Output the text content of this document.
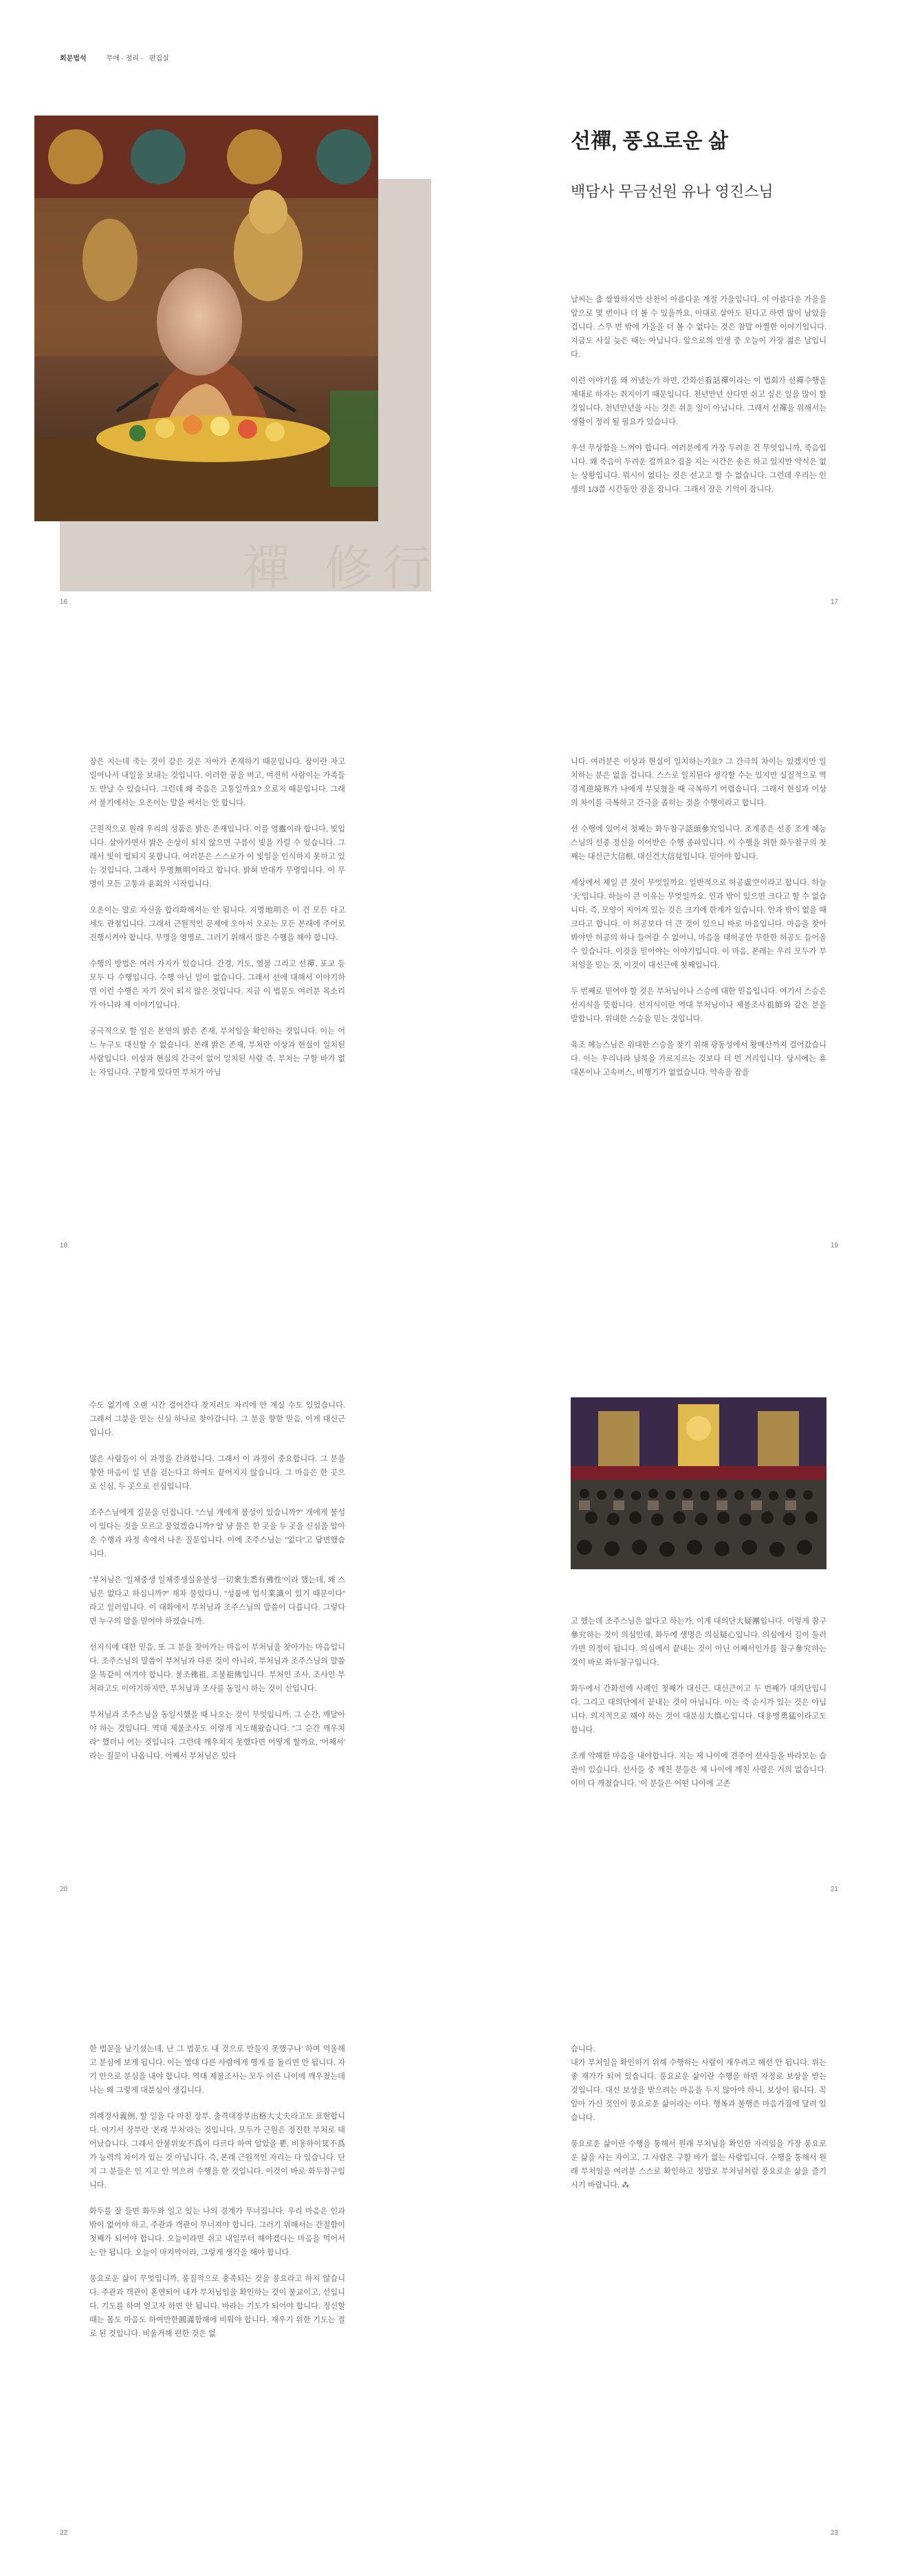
회문법석	무애 · 정리 · 편집실
禪 修行
16
선禪, 풍요로운 삶
백담사 무금선원 유나 영진스님

날씨는 춥 쌀쌀하지만 산천이 아름다운 계절 가을입니다. 이 아름다운 가을을 앞으로 몇 번이나 더 볼 수 있을까요, 이대로 살아도 된다고 하면 많이 남았을 겁니다. 스무 번 밖에 가을을 더 볼 수 없다는 것은 참말 아찔한 이야기입니다. 지금도 사실 늦은 때는 아닙니다. 앞으로의 인생 중 오늘이 가장 젊은 날입니다.

이런 이야기를 왜 꺼냈는가 하면, 간화선看話禪이라는 이 법회가 선禪수행을 제대로 하자는 취지이기 때문입니다. 천년만년 산다면 쉬고 싶은 일을 많이 할 것입니다. 천년만년을 사는 것은 쉬운 일이 아닙니다. 그래서 선禪을 위해서는 생활이 정리 될 필요가 있습니다.

우선 무상함을 느껴야 합니다. 여러분에게 가장 두려운 건 무엇입니까, 죽음입니다. 왜 죽음이 두려운 걸까요? 집을 지는 시간은 송은 하고 있지만 약식은 없는 상황입니다. 뭐시이 없다는 것은 선고고 할 수 없습니다. 그런데 우리는 인생의 1/3쯤 시간동안 잠을 잡니다. 그래서 잠은 기억이 잠니다.

17

잠은 지는데 죽는 것이 같은 것은 자아가 존재하기 때문입니다. 잠이란 자고 일어나서 내일을 보내는 것입니다. 이러한 꿈을 버고, 여전히 사람이는 가족들도 만날 수 있습니다. 그런데 왜 죽음은 고통일까요? 오로지 때문입니다. 그래서 불기에서는 오온이는 말을 써서는 안 합니다.

근원적으로 원래 우리의 성품은 밝은 존재입니다. 이를 영靈이라 합니다, 빛입니다. 살아가면서 밝은 손상이 되지 않으면 구름이 빛을 가릴 수 있습니다. 그래서 빛이 떨되지 못합니다. 여러분은 스스로가 이 빛임을 인식하지 못하고 있는 것입니다. 그래서 무명無明이라고 합니다. 밝혀 반대가 무명입니다. 이 무명이 모든 고통과 윤회의 시작입니다.

오온이는 말로 자신을 합리화해서는 안 됩니다. 지명地明은 이 건 모든 다고 세도 관점입니다. 그래서 근원적인 문제에 오아서 오로는 모든 본래에 주어로 진행시켜야 합니다. 무명을 영명로, 그러기 위해서 많은 수행을 해야 합니다.

수행의 방법은 여러 가지가 있습니다. 간경, 기도, 염불 그리고 선禪, 포교 등 모두 다 수행입니다. 수행 아닌 일이 없습니다. 그래서 선에 대해서 이야기하면 이런 수행은 자기 것이 되지 않은 것입니다. 지금 이 법문도 여러분 목소리가 아니라 제 이야기입니다.

궁극적으로 할 일은 본연의 밝은 존재, 부처임을 확인하는 것입니다. 이는 어느 누구도 대신할 수 없습니다. 본래 밝은 존재, 부처란 이상과 현실이 일치된 사람입니다. 이상과 현실의 간극이 없어 일치된 사람 즉, 부처는 구할 바가 없는 자입니다. 구할게 있다면 부처가 아닙

18

니다. 여러분은 이상과 현실이 일치하는가요? 그 간극의 차이는 있겠지만 일치하는 분은 없을 겁니다. 스스로 일치된다 생각할 수는 있지만 실질적으로 역경계逆境界가 나에게 부딪혔을 때 극복하기 어렵습니다. 그래서 현실과 이상의 차이를 극복하고 간극을 좁히는 것을 수행이라고 합니다.

선 수행에 있어서 첫째는 화두참구話頭參究입니다. 조계종은 선종 조계 혜능스님의 선종 정신을 이어받은 수행 종파입니다. 이 수행을 위한 화두참구의 첫째는 대신근大信根, 대신견大信見입니다. 믿어야 합니다.

세상에서 제일 큰 것이 무엇일까요. 일반적으로 허공虛空이라고 합니다. 하늘 '天'입니다. 하늘이 큰 이유는 무엇일까요. 인과 밖이 있으면 크다고 할 수 없습니다. 즉, 모양이 지어져 있는 것은 크기에 한계가 있습니다. 안과 밖이 없을 때 크다고 합니다. 이 허공보다 더 큰 것이 있으니 바로 마음입니다. 마음을 찾아봐야만 허공의 하나 들어갈 수 없어니, 마음을 태허공만 무한한 허공도 들어올 수 있습니다. 이것을 믿어야는 이야기입니다. 이 마음, 본래는 우리 모두가 부처임을 믿는 것, 이것이 대신근에 첫째입니다.

두 번째로 믿어야 할 것은 부처님이나 스승에 대한 믿음입니다. 여기서 스승은 선지식을 뜻합니다. 선지식이란 역대 부처님이나 제불조사祖師와 같은 분을 말합니다. 위대한 스승을 믿는 것입니다.

육조 혜능스님은 위대한 스승을 찾기 위해 광동성에서 황매산까지 걸어갔습니다. 이는 우리나라 남북을 가로지르는 것보다 더 먼 거리입니다. 당시에는 휴대폰이나 고속버스, 비행기가 없었습니다. 약속을 잡을

19

수도 없기에 오랜 시간 걸어간다 찾지러도 자리에 안 계실 수도 있었습니다. 그래서 그분을 믿는 신심 하나로 찾아갑니다. 그 분을 향한 믿음, 이게 대신근입니다.

많은 사람들이 이 과정을 간과합니다. 그래서 이 과정이 중요합니다. 그 분을 향한 마음이 일 년을 걷는다고 하여도 끝어지지 않습니다. 그 마음은 한 곳으로 신심, 두 곳으로 신심입니다.

조주스님에게 질문을 던집니다. "스님 개에게 불성이 있습니까?" 개에게 불성이 있다는 것을 모르고 물었겠습니까? 알 냥 물은 한 곳을 두 곳을 신심을 알아 온 수행과 과정 속에서 나온 질문입니다. 이에 조주스님는 "없다"고 답변했습니다.

"부처님은 '일체중생 일체중생실유불성一切衆生悉有佛性'이라 했는데, 왜 스님은 없다고 하십니까?" 재차 물었다니, "성품에 업식業識이 있기 때문이다" 라고 일러입니다. 이 대화에서 부처님과 조주스님의 말씀이 다릅니다. 그렇다면 누구의 말을 믿어야 하겠습니까.

선지식에 대한 믿음, 또 그 분을 찾아가는 마음이 부처님을 찾아가는 마음입니다. 조주스님의 말씀이 부처님과 다른 것이 아니라, 부처님과 조주스님의 말씀을 똑같이 여겨야 합니다. 불조佛祖, 조불祖佛입니다. 부처인 조사, 조사인 부처라고도 이야기하지만, 부처님과 조사를 동일시 하는 것이 신입니다.

부처님과 조주스님을 동일시했을 때 나오는 것이 무엇입니까, 그 순간, 깨달아야 하는 것입니다. 역대 제불조사도 이렇게 지도해왔습니다. "그 순간 깨우치라" 했더니 어는 것입니다. 그런데 깨우치지 못했다면 어떻게 할까요, '어째서' 라는 질문이 나옵니다. 어째서 부처님은 있다

20

고 했는데 조주스님은 없다고 하는가, 이게 대의단大疑團입니다. 이렇게 참구參究하는 것이 의심인데, 화두에 생명은 의심疑心입니다. 의심에서 길이 둘러가면 의정이 됩니다. 의심에서 끝내는 것이 아닌 어째서인가를 참구參究하는 것이 바로 화두참구입니다.

화두에서 간화선에 사례인 첫째가 대신근, 대신근이고 두 번째가 대의단입니다. 그리고 대의단에서 끝내는 것이 아닙니다. 이는 죽 순시가 있는 것은 아닙니다. 의지적으로 해야 하는 것이 대분심大憤心입니다. 대용맹勇猛이라고도 합니다.

조계 약해한 마음을 내야합니다. 지는 제 나이에 견주어 선사들을 바라보는 습관이 있습니다. 선사들 중 깨친 분들은 제 나이에 깨친 사람은 거의 없습니다. 이미 다 깨쳤습니다. '이 분들은 어떤 나이에 고존

21

한 법문을 남기셨는데, 난 그 법문도 내 것으로 만들지 못했구나' 하며 억울해고 분심에 보게 됩니다. 이는 열대 다른 사람에게 행게 를 돌리면 안 됩니다. 자기 안으로 분심을 내야 합니다. 역대 제불조사는 모두 이른 나이에 깨우쳤는데 나는 왜 그렇게 대분심이 생깁니다.

의례정사義例, 할 일을 다 마친 장부, 출격대장부出格大丈夫라고도 표현합니다. 여기서 장부란 '본래 부처'라는 것입니다. 모두가 근원은 정진한 부처로 태어났습니다. 그래서 안불위安不爲이 다르다 하여 알았을 뿐, 비용하이冥不爲가 능력의 차이가 있는 것 아닙니다. 즉, 본래 근원적인 자리는 다 있습니다. 단지 그 분들은 인 지고 안 먹으려 수행을 한 것입니다. 이것이 바로 화두참구입니다.

화두를 잘 들면 화두와 일고 있는 나의 경계가 무너집니다. 우리 마음은 인과 밖이 없어야 하고, 주관과 객관이 무너져야 합니다. 그러기 위해서는 간절함이 첫째가 되어야 합니다. 오늘이라면 쉬고 내일부터 해야겠다는 마음을 먹어서는 안 됩니다. 오늘이 마지막이라, 그렇게 생각을 해야 합니다.

풍요로운 삶이 무엇입니까, 풍질적으로 충족되는 것을 풍요라고 하지 않습니다. 주관과 객관이 혼연되어 내가 부처님임을 확인하는 것이 불교이고, 선입니다. 기도를 하며 얻고자 하면 안 됩니다. 바라는 기도가 되어야 합니다. 정신할 때는 몸도 마음도 하여만한圓滿함해에 비워야 합니다. 재우기 위한 기도는 절로 된 것입니다. 비울거해 편한 것은 없

22

습니다.

내가 부처임을 확인하기 위해 수행하는 사람이 재우려고 해선 안 됩니다. 위는 좋 재가가 되어 있습니다. 풍요로운 삶이란 수행을 하면 자정로 보상을 받는 것입니다. 대신 보상을 받으려는 마음을 두지 않아야 하니, 보상이 됩니다. 꼭 알아 가신 것인이 풍요로운 삶이라는 이다. 행복과 불행은 마음가짐에 달려 있습니다.

풍요로운 삶이란 수행을 통해서 원래 부처님을 확인한 자리임을 가장 풍요로운 삶을 사는 자이고, 그 사람은 구할 바가 없는 사람입니다. 수행을 통해서 원래 부처임을 여러분 스스로 확인하고 정말로 부처님처럼 풍요로운 삶을 즐기시기 바랍니다. ⁂

23
